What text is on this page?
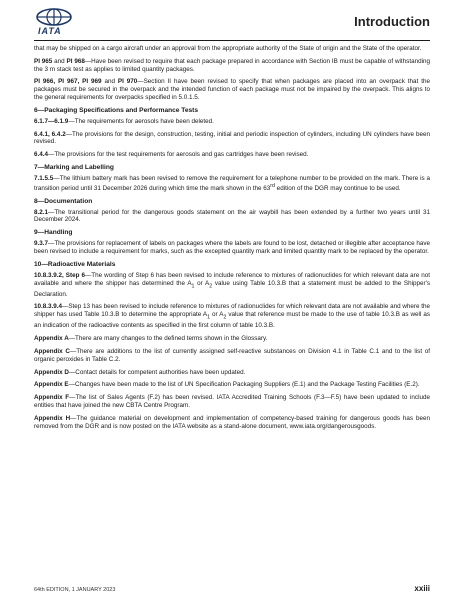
IATA
Introduction

that may be shipped on a cargo aircraft under an approval from the appropriate authority of the State of origin and the State of the operator.

PI 965 and PI 968—Have been revised to require that each package prepared in accordance with Section IB must be capable of withstanding the 3 m stack test as applies to limited quantity packages.

PI 966, PI 967, PI 969 and PI 970—Section II have been revised to specify that when packages are placed into an overpack that the packages must be secured in the overpack and the intended function of each package must not be impaired by the overpack. This aligns to the general requirements for overpacks specified in 5.0.1.5.

6—Packaging Specifications and Performance Tests

6.1.7—6.1.9—The requirements for aerosols have been deleted.

6.4.1, 6.4.2—The provisions for the design, construction, testing, initial and periodic inspection of cylinders, including UN cylinders have been revised.

6.4.4—The provisions for the test requirements for aerosols and gas cartridges have been revised.

7—Marking and Labelling

7.1.5.5—The lithium battery mark has been revised to remove the requirement for a telephone number to be provided on the mark. There is a transition period until 31 December 2026 during which time the mark shown in the 63rd edition of the DGR may continue to be used.

8—Documentation

8.2.1—The transitional period for the dangerous goods statement on the air waybill has been extended by a further two years until 31 December 2024.

9—Handling

9.3.7—The provisions for replacement of labels on packages where the labels are found to be lost, detached or illegible after acceptance have been revised to include a requirement for marks, such as the excepted quantity mark and limited quantity mark to be replaced by the operator.

10—Radioactive Materials

10.8.3.9.2, Step 6—The wording of Step 6 has been revised to include reference to mixtures of radionuclides for which relevant data are not available and where the shipper has determined the $A_1$ or $A_2$ value using Table 10.3.B that a statement must be added to the Shipper's Declaration.

10.8.3.9.4—Step 13 has been revised to include reference to mixtures of radionuclides for which relevant data are not available and where the shipper has used Table 10.3.B to determine the appropriate $A_1$ or $A_2$ value that reference must be made to the use of table 10.3.B as well as an indication of the radioactive contents as specified in the first column of table 10.3.B.

Appendix A—There are many changes to the defined terms shown in the Glossary.

Appendix C—There are additions to the list of currently assigned self-reactive substances on Division 4.1 in Table C.1 and to the list of organic peroxides in Table C.2.

Appendix D—Contact details for competent authorities have been updated.

Appendix E—Changes have been made to the list of UN Specification Packaging Suppliers (E.1) and the Package Testing Facilities (E.2).

Appendix F—The list of Sales Agents (F.2) has been revised. IATA Accredited Training Schools (F.3—F.5) have been updated to include entities that have joined the new CBTA Centre Program.

Appendix H—The guidance material on development and implementation of competency-based training for dangerous goods has been removed from the DGR and is now posted on the IATA website as a stand-alone document, www.iata.org/dangerousgoods.

64th EDITION, 1 JANUARY 2023	xxiii
